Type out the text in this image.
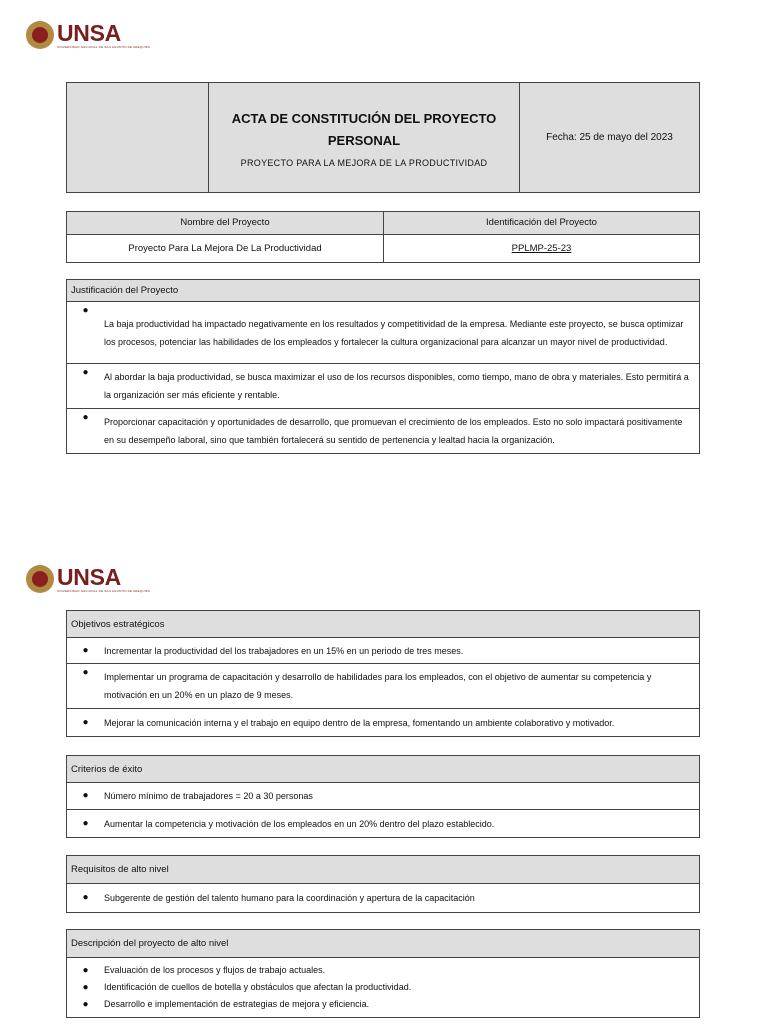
UNSA
UNIVERSIDAD NACIONAL DE SAN AGUSTÍN DE AREQUIPA
ACTA DE CONSTITUCIÓN DEL PROYECTO PERSONAL
PROYECTO PARA LA MEJORA DE LA PRODUCTIVIDAD
Fecha: 25 de mayo del 2023
Nombre del Proyecto	Identificación del Proyecto
Proyecto Para La Mejora De La Productividad	PPLMP-25-23
Justificación del Proyecto
●
La baja productividad ha impactado negativamente en los resultados y competitividad de la empresa. Mediante este proyecto, se busca optimizar los procesos, potenciar las habilidades de los empleados y fortalecer la cultura organizacional para alcanzar un mayor nivel de productividad.
●	Al abordar la baja productividad, se busca maximizar el uso de los recursos disponibles, como tiempo, mano de obra y materiales. Esto permitirá a la organización ser más eficiente y rentable.
●	Proporcionar capacitación y oportunidades de desarrollo, que promuevan el crecimiento de los empleados. Esto no solo impactará positivamente en su desempeño laboral, sino que también fortalecerá su sentido de pertenencia y lealtad hacia la organización.
UNSA
UNIVERSIDAD NACIONAL DE SAN AGUSTÍN DE AREQUIPA
Objetivos estratégicos
●	Incrementar la productividad del los trabajadores en un 15% en un periodo de tres meses.
●	Implementar un programa de capacitación y desarrollo de habilidades para los empleados, con el objetivo de aumentar su competencia y motivación en un 20% en un plazo de 9 meses.
●	Mejorar la comunicación interna y el trabajo en equipo dentro de la empresa, fomentando un ambiente colaborativo y motivador.
Criterios de éxito
●	Número mínimo de trabajadores = 20 a 30 personas
●	Aumentar la competencia y motivación de los empleados en un 20% dentro del plazo establecido.
Requisitos de alto nivel
●	Subgerente de gestión del talento humano para la coordinación y apertura de la capacitación
Descripción del proyecto de alto nivel
●	Evaluación de los procesos y flujos de trabajo actuales.
●	Identificación de cuellos de botella y obstáculos que afectan la productividad.
●	Desarrollo e implementación de estrategias de mejora y eficiencia.
